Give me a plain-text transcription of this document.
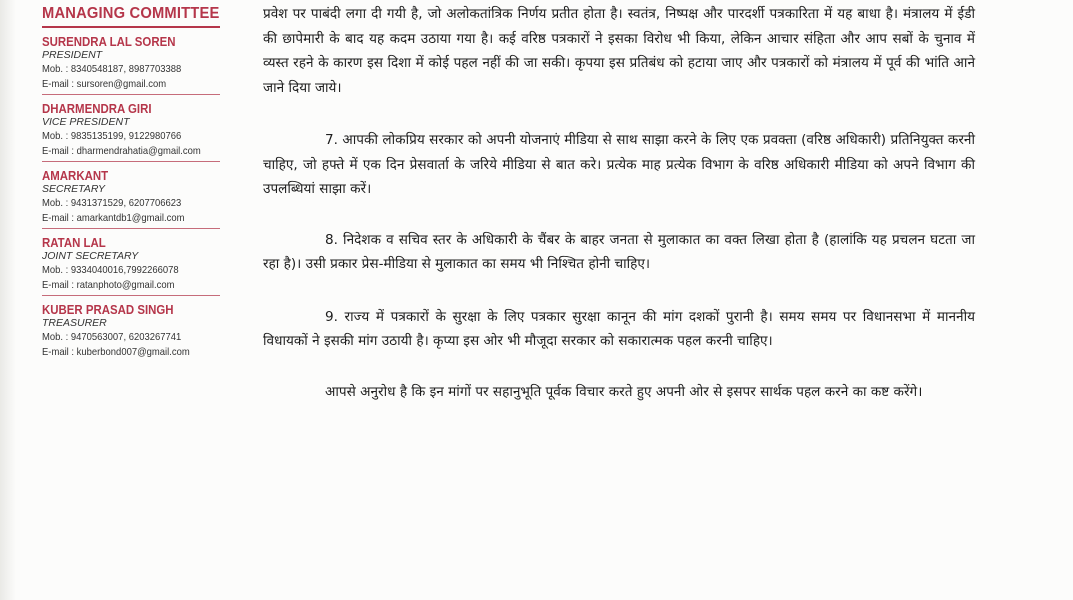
MANAGING COMMITTEE
SURENDRA LAL SOREN
PRESIDENT
Mob. : 8340548187, 8987703388
E-mail : sursoren@gmail.com
DHARMENDRA GIRI
VICE PRESIDENT
Mob. : 9835135199, 9122980766
E-mail : dharmendrahatia@gmail.com
AMARKANT
SECRETARY
Mob. : 9431371529, 6207706623
E-mail : amarkantdb1@gmail.com
RATAN LAL
JOINT SECRETARY
Mob. : 9334040016,7992266078
E-mail : ratanphoto@gmail.com
KUBER PRASAD SINGH
TREASURER
Mob. : 9470563007, 6203267741
E-mail : kuberbond007@gmail.com

प्रवेश पर पाबंदी लगा दी गयी है, जो अलोकतांत्रिक निर्णय प्रतीत होता है। स्वतंत्र, निष्पक्ष और पारदर्शी पत्रकारिता में यह बाधा है। मंत्रालय में ईडी की छापेमारी के बाद यह कदम उठाया गया है। कई वरिष्ठ पत्रकारों ने इसका विरोध भी किया, लेकिन आचार संहिता और आप सबों के चुनाव में व्यस्त रहने के कारण इस दिशा में कोई पहल नहीं की जा सकी। कृपया इस प्रतिबंध को हटाया जाए और पत्रकारों को मंत्रालय में पूर्व की भांति आने जाने दिया जाये।

7. आपकी लोकप्रिय सरकार को अपनी योजनाएं मीडिया से साथ साझा करने के लिए एक प्रवक्ता (वरिष्ठ अधिकारी) प्रतिनियुक्त करनी चाहिए, जो हफ्ते में एक दिन प्रेसवार्ता के जरिये मीडिया से बात करे। प्रत्येक माह प्रत्येक विभाग के वरिष्ठ अधिकारी मीडिया को अपने विभाग की उपलब्धियां साझा करें।

8. निदेशक व सचिव स्तर के अधिकारी के चैंबर के बाहर जनता से मुलाकात का वक्त लिखा होता है (हालांकि यह प्रचलन घटता जा रहा है)। उसी प्रकार प्रेस-मीडिया से मुलाकात का समय भी निश्चित होनी चाहिए।

9. राज्य में पत्रकारों के सुरक्षा के लिए पत्रकार सुरक्षा कानून की मांग दशकों पुरानी है। समय समय पर विधानसभा में माननीय विधायकों ने इसकी मांग उठायी है। कृप्या इस ओर भी मौजूदा सरकार को सकारात्मक पहल करनी चाहिए।

आपसे अनुरोध है कि इन मांगों पर सहानुभूति पूर्वक विचार करते हुए अपनी ओर से इसपर सार्थक पहल करने का कष्ट करेंगे।
